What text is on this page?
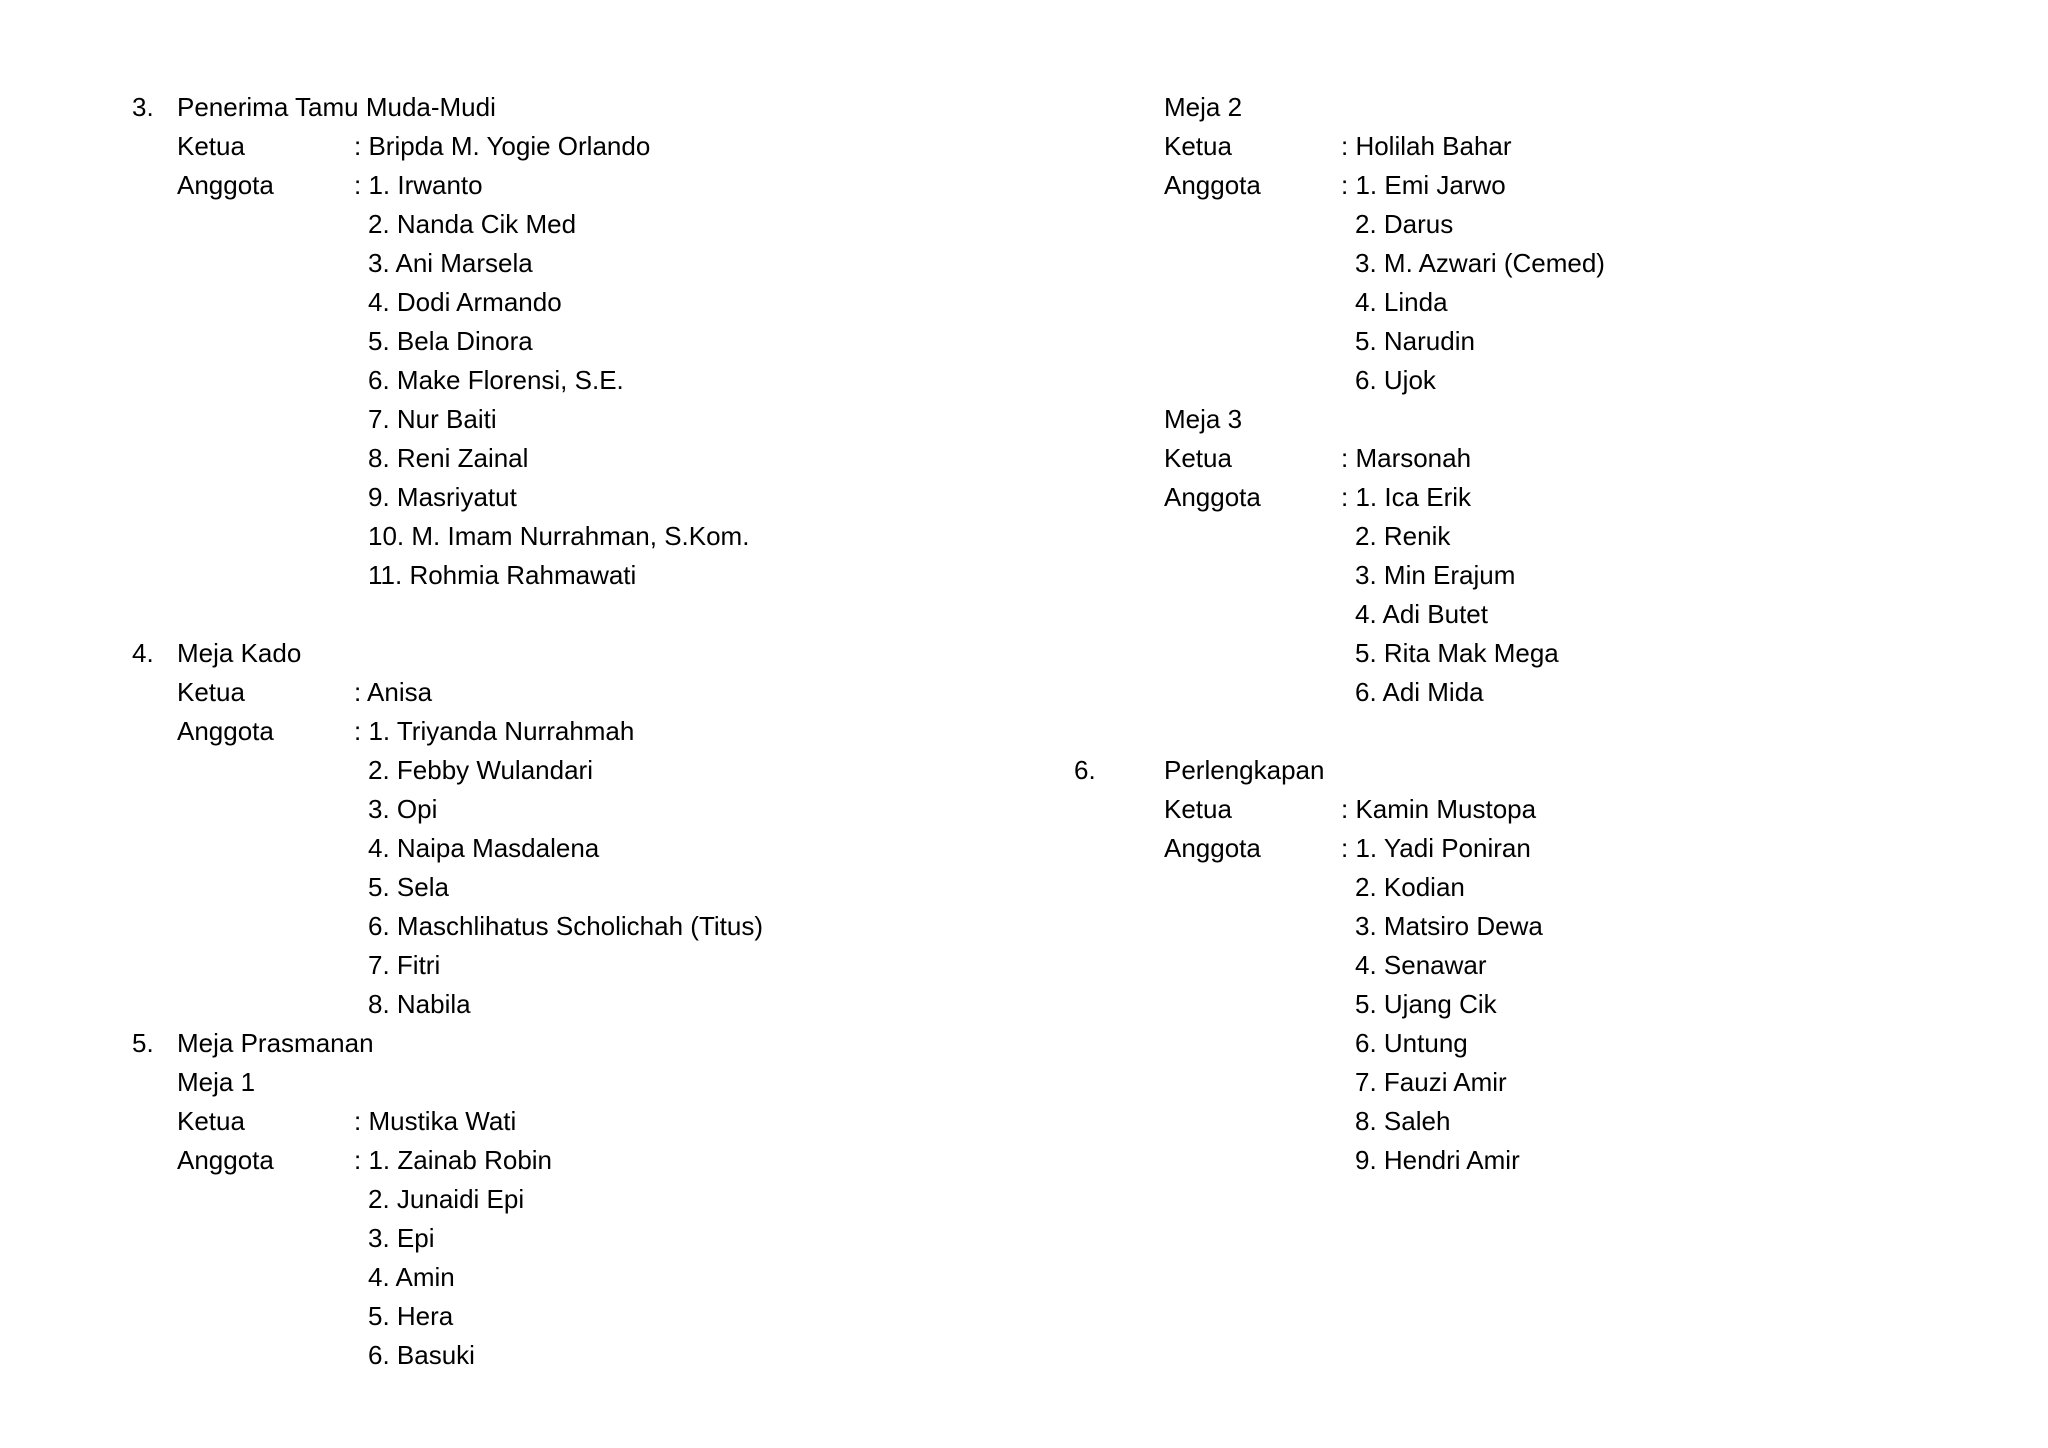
3. Penerima Tamu Muda-Mudi
Ketua	: Bripda M. Yogie Orlando
Anggota	: 1. Irwanto
2. Nanda Cik Med
3. Ani Marsela
4. Dodi Armando
5. Bela Dinora
6. Make Florensi, S.E.
7. Nur Baiti
8. Reni Zainal
9. Masriyatut
10. M. Imam Nurrahman, S.Kom.
11. Rohmia Rahmawati
4. Meja Kado
Ketua	: Anisa
Anggota	: 1. Triyanda Nurrahmah
2. Febby Wulandari
3. Opi
4. Naipa Masdalena
5. Sela
6. Maschlihatus Scholichah (Titus)
7. Fitri
8. Nabila
5. Meja Prasmanan
Meja 1
Ketua	: Mustika Wati
Anggota	: 1. Zainab Robin
2. Junaidi Epi
3. Epi
4. Amin
5. Hera
6. Basuki
Meja 2
Ketua	: Holilah Bahar
Anggota	: 1. Emi Jarwo
2. Darus
3. M. Azwari (Cemed)
4. Linda
5. Narudin
6. Ujok
Meja 3
Ketua	: Marsonah
Anggota	: 1. Ica Erik
2. Renik
3. Min Erajum
4. Adi Butet
5. Rita Mak Mega
6. Adi Mida
6.	Perlengkapan
Ketua	: Kamin Mustopa
Anggota	: 1. Yadi Poniran
2. Kodian
3. Matsiro Dewa
4. Senawar
5. Ujang Cik
6. Untung
7. Fauzi Amir
8. Saleh
9. Hendri Amir
